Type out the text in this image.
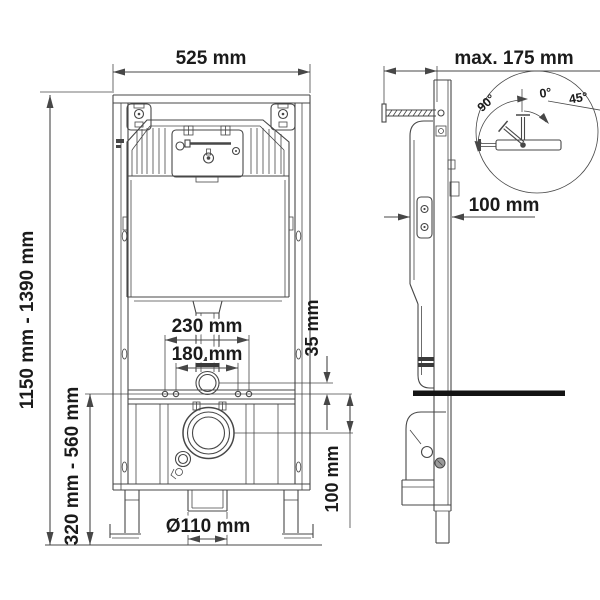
90°	0° 45°
525 mm
1150 mm - 1390 mm
320 mm - 560 mm
230 mm
180 mm	35 mm
100 mm
Ø110 mm
max. 175 mm
100 mm
